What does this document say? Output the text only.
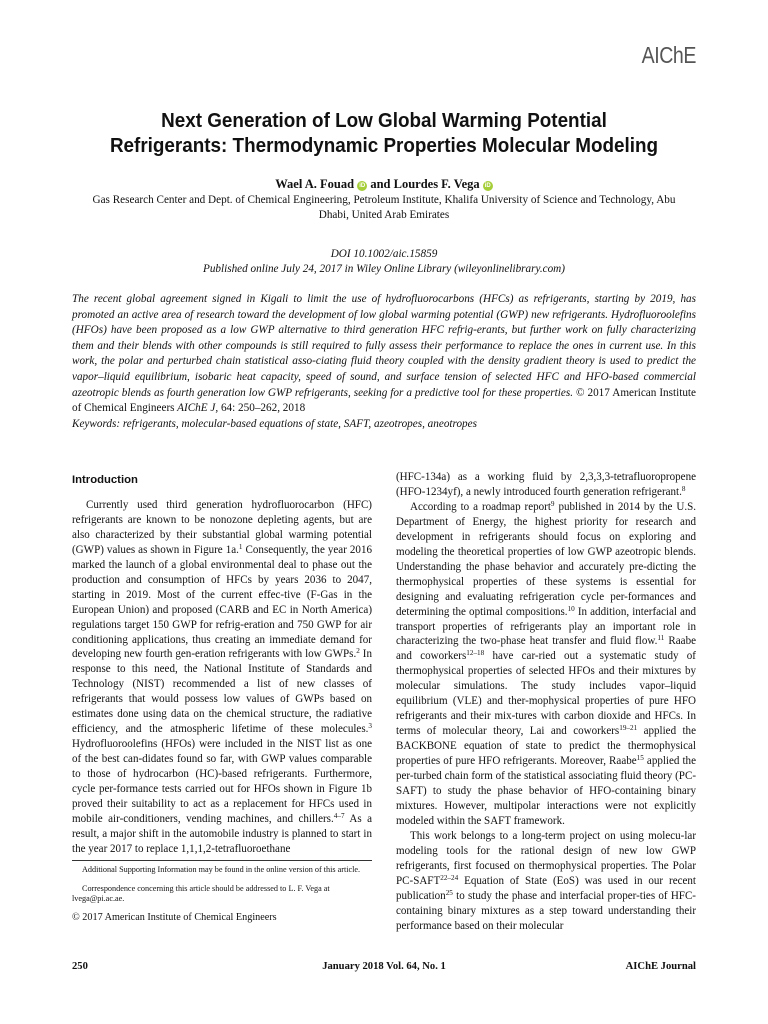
AIChE
Next Generation of Low Global Warming Potential
Refrigerants: Thermodynamic Properties Molecular Modeling
Wael A. Fouad iD and Lourdes F. Vega iD
Gas Research Center and Dept. of Chemical Engineering, Petroleum Institute, Khalifa University of Science and Technology, Abu Dhabi, United Arab Emirates
DOI 10.1002/aic.15859
Published online July 24, 2017 in Wiley Online Library (wileyonlinelibrary.com)
The recent global agreement signed in Kigali to limit the use of hydrofluorocarbons (HFCs) as refrigerants, starting by 2019, has promoted an active area of research toward the development of low global warming potential (GWP) new refrigerants. Hydrofluoroolefins (HFOs) have been proposed as a low GWP alternative to third generation HFC refrig-erants, but further work on fully characterizing them and their blends with other compounds is still required to fully assess their performance to replace the ones in current use. In this work, the polar and perturbed chain statistical asso-ciating fluid theory coupled with the density gradient theory is used to predict the vapor–liquid equilibrium, isobaric heat capacity, speed of sound, and surface tension of selected HFC and HFO-based commercial azeotropic blends as fourth generation low GWP refrigerants, seeking for a predictive tool for these properties. © 2017 American Institute of Chemical Engineers AIChE J, 64: 250–262, 2018
Keywords: refrigerants, molecular-based equations of state, SAFT, azeotropes, aneotropes
Introduction

Currently used third generation hydrofluorocarbon (HFC) refrigerants are known to be nonozone depleting agents, but are also characterized by their substantial global warming potential (GWP) values as shown in Figure 1a.$^1$ Consequently, the year 2016 marked the launch of a global environmental deal to phase out the production and consumption of HFCs by years 2036 to 2047, starting in 2019. Most of the current effec-tive (F-Gas in the European Union) and proposed (CARB and EC in North America) regulations target 150 GWP for refrig-eration and 750 GWP for air conditioning applications, thus creating an immediate demand for developing new fourth gen-eration refrigerants with low GWPs.$^2$ In response to this need, the National Institute of Standards and Technology (NIST) recommended a list of new classes of refrigerants that would possess low values of GWPs based on estimates done using data on the chemical structure, the radiative efficiency, and the atmospheric lifetime of these molecules.$^3$ Hydrofluoroolefins (HFOs) were included in the NIST list as one of the best can-didates found so far, with GWP values comparable to those of hydrocarbon (HC)-based refrigerants. Furthermore, cycle per-formance tests carried out for HFOs shown in Figure 1b proved their suitability to act as a replacement for HFCs used in mobile air-conditioners, vending machines, and chillers.$^{4-7}$ As a result, a major shift in the automobile industry is planned to start in the year 2017 to replace 1,1,1,2-tetrafluoroethane

Additional Supporting Information may be found in the online version of this article.

Correspondence concerning this article should be addressed to L. F. Vega at lvega@pi.ac.ae.

© 2017 American Institute of Chemical Engineers

(HFC-134a) as a working fluid by 2,3,3,3-tetrafluoropropene (HFO-1234yf), a newly introduced fourth generation refrigerant.$^8$

According to a roadmap report$^9$ published in 2014 by the U.S. Department of Energy, the highest priority for research and development in refrigerants should focus on exploring and modeling the theoretical properties of low GWP azeotropic blends. Understanding the phase behavior and accurately pre-dicting the thermophysical properties of these systems is essential for designing and evaluating refrigeration cycle per-formances and determining the optimal compositions.$^{10}$ In addition, interfacial and transport properties of refrigerants play an important role in characterizing the two-phase heat transfer and fluid flow.$^{11}$ Raabe and coworkers$^{12-18}$ have car-ried out a systematic study of thermophysical properties of selected HFOs and their mixtures by molecular simulations. The study includes vapor–liquid equilibrium (VLE) and ther-mophysical properties of pure HFO refrigerants and their mix-tures with carbon dioxide and HFCs. In terms of molecular theory, Lai and coworkers$^{19-21}$ applied the BACKBONE equation of state to predict the thermophysical properties of pure HFO refrigerants. Moreover, Raabe$^{15}$ applied the per-turbed chain form of the statistical associating fluid theory (PC-SAFT) to study the phase behavior of HFO-containing binary mixtures. However, multipolar interactions were not explicitly modeled within the SAFT framework.

This work belongs to a long-term project on using molecu-lar modeling tools for the rational design of new low GWP refrigerants, first focused on thermophysical properties. The Polar PC-SAFT$^{22-24}$ Equation of State (EoS) was used in our recent publication$^{25}$ to study the phase and interfacial proper-ties of HFC-containing binary mixtures as a step toward understanding their performance based on their molecular

250	January 2018 Vol. 64, No. 1	AIChE Journal
